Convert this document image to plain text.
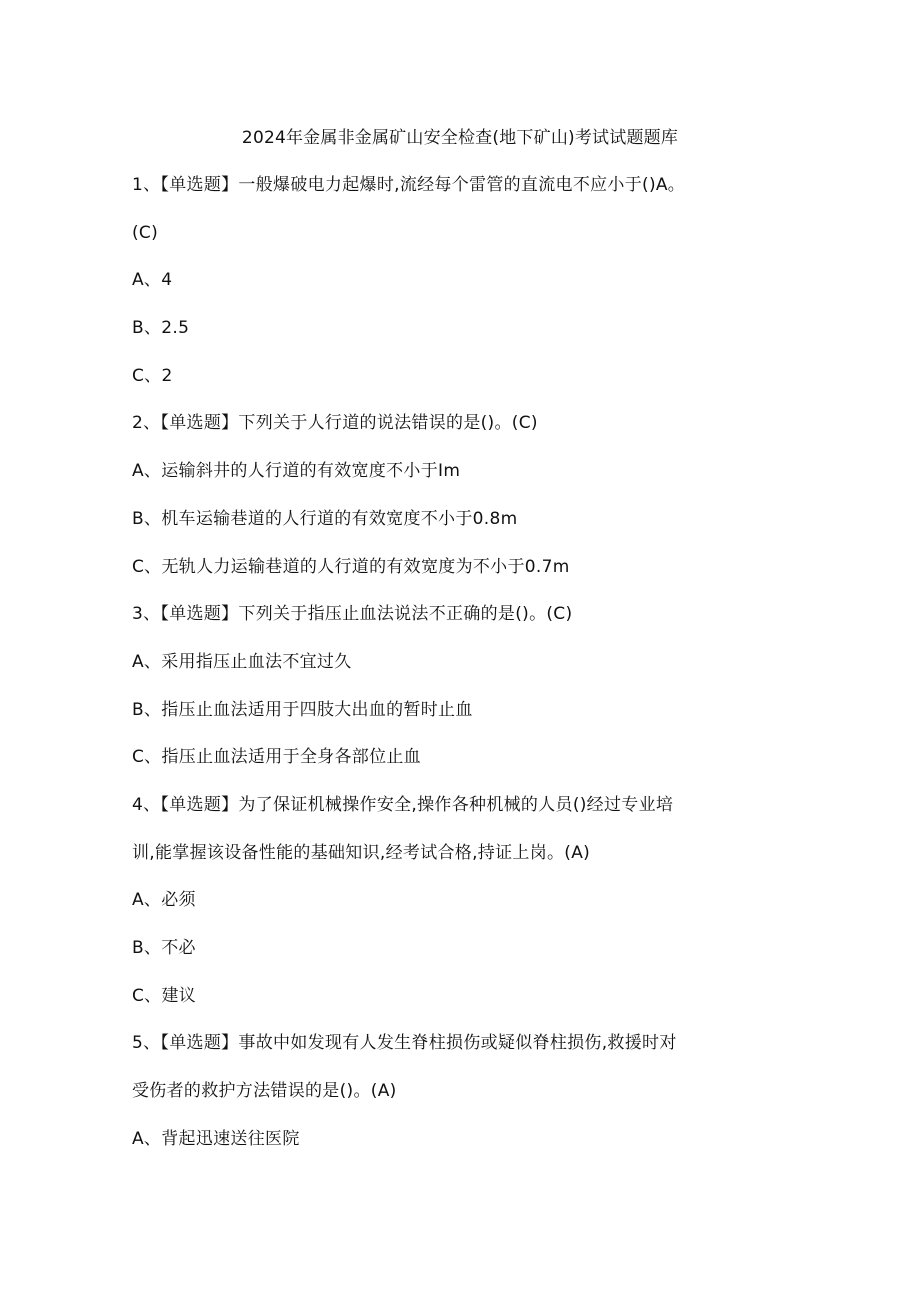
2024年金属非金属矿山安全检查(地下矿山)考试试题题库
1、【单选题】一般爆破电力起爆时,流经每个雷管的直流电不应小于()A。
(C)
A、4
B、2.5
C、2
2、【单选题】下列关于人行道的说法错误的是()。(C)
A、运输斜井的人行道的有效宽度不小于Im
B、机车运输巷道的人行道的有效宽度不小于0.8m
C、无轨人力运输巷道的人行道的有效宽度为不小于0.7m
3、【单选题】下列关于指压止血法说法不正确的是()。(C)
A、采用指压止血法不宜过久
B、指压止血法适用于四肢大出血的暂时止血
C、指压止血法适用于全身各部位止血
4、【单选题】为了保证机械操作安全,操作各种机械的人员()经过专业培
训,能掌握该设备性能的基础知识,经考试合格,持证上岗。(A)
A、必须
B、不必
C、建议
5、【单选题】事故中如发现有人发生脊柱损伤或疑似脊柱损伤,救援时对
受伤者的救护方法错误的是()。(A)
A、背起迅速送往医院
